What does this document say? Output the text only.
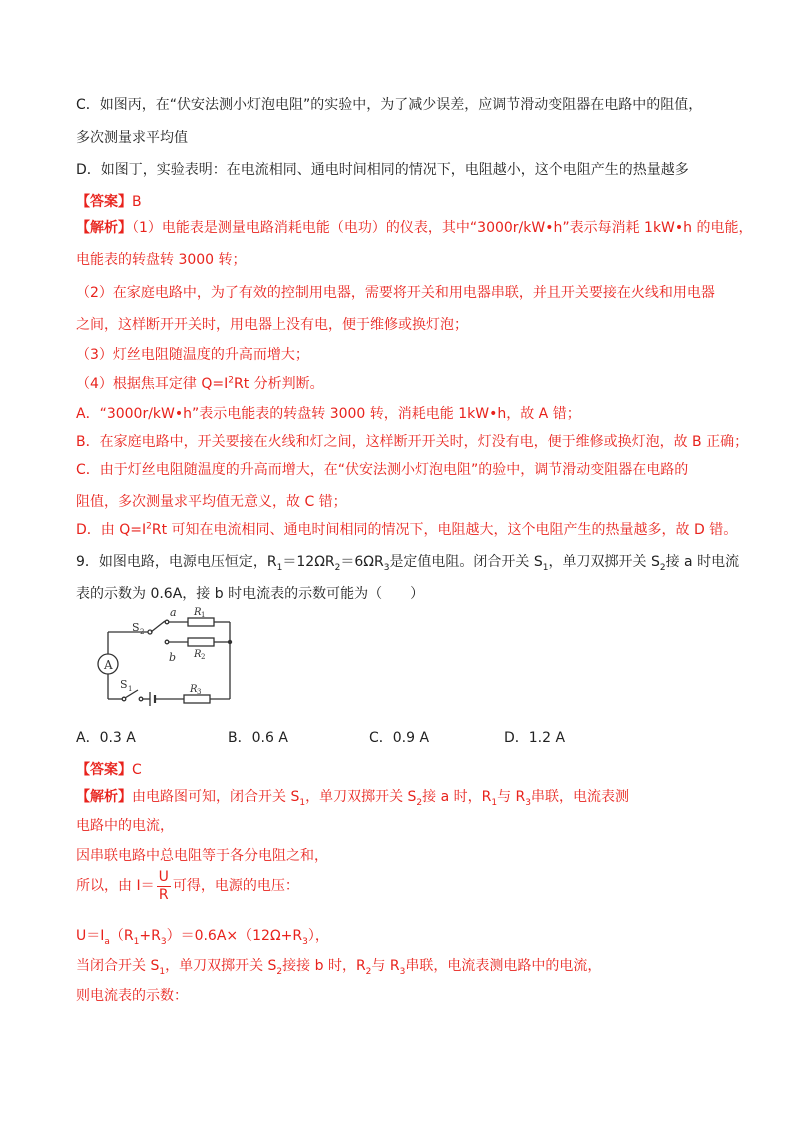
C．如图丙，在“伏安法测小灯泡电阻”的实验中，为了减少误差，应调节滑动变阻器在电路中的阻值，
多次测量求平均值
D．如图丁，实验表明：在电流相同、通电时间相同的情况下，电阻越小，这个电阻产生的热量越多
【答案】B
【解析】（1）电能表是测量电路消耗电能（电功）的仪表，其中“3000r/kW•h”表示每消耗 1kW•h 的电能，
电能表的转盘转 3000 转；
（2）在家庭电路中，为了有效的控制用电器，需要将开关和用电器串联，并且开关要接在火线和用电器
之间，这样断开开关时，用电器上没有电，便于维修或换灯泡；
（3）灯丝电阻随温度的升高而增大；
（4）根据焦耳定律 $Q=I^2Rt$ 分析判断。
A．“3000r/kW•h”表示电能表的转盘转 3000 转，消耗电能 1kW•h，故 A 错；
B．在家庭电路中，开关要接在火线和灯之间，这样断开开关时，灯没有电，便于维修或换灯泡，故 B 正确；
C．由于灯丝电阻随温度的升高而增大，在“伏安法测小灯泡电阻”的验中，调节滑动变阻器在电路的
阻值，多次测量求平均值无意义，故 C 错；
D．由 $Q=I^2Rt$ 可知在电流相同、通电时间相同的情况下，电阻越大，这个电阻产生的热量越多，故 D 错。
9．如图电路，电源电压恒定，$R_1=12\Omega R_2=6\Omega R_3$是定值电阻。闭合开关 $S_1$，单刀双掷开关 $S_2$接 a 时电流
表的示数为 0.6A，接 b 时电流表的示数可能为（　　）
A
S 2
a
b
R 1
R 2
R 3
S 1
A．0.3 A	B．0.6 A	C．0.9 A	D．1.2 A
【答案】C
【解析】由电路图可知，闭合开关 $S_1$，单刀双掷开关 $S_2$接 a 时，$R_1$与 $R_3$串联，电流表测
电路中的电流，
因串联电路中总电阻等于各分电阻之和，
所以，由 $I= \frac{U}{R}$ 可得，电源的电压：
$U=I_a(R_1+R_3)=0.6A\times(12\Omega+R_3)$，
当闭合开关 $S_1$，单刀双掷开关 $S_2$接接 b 时，$R_2$与 $R_3$串联，电流表测电路中的电流，
则电流表的示数：
